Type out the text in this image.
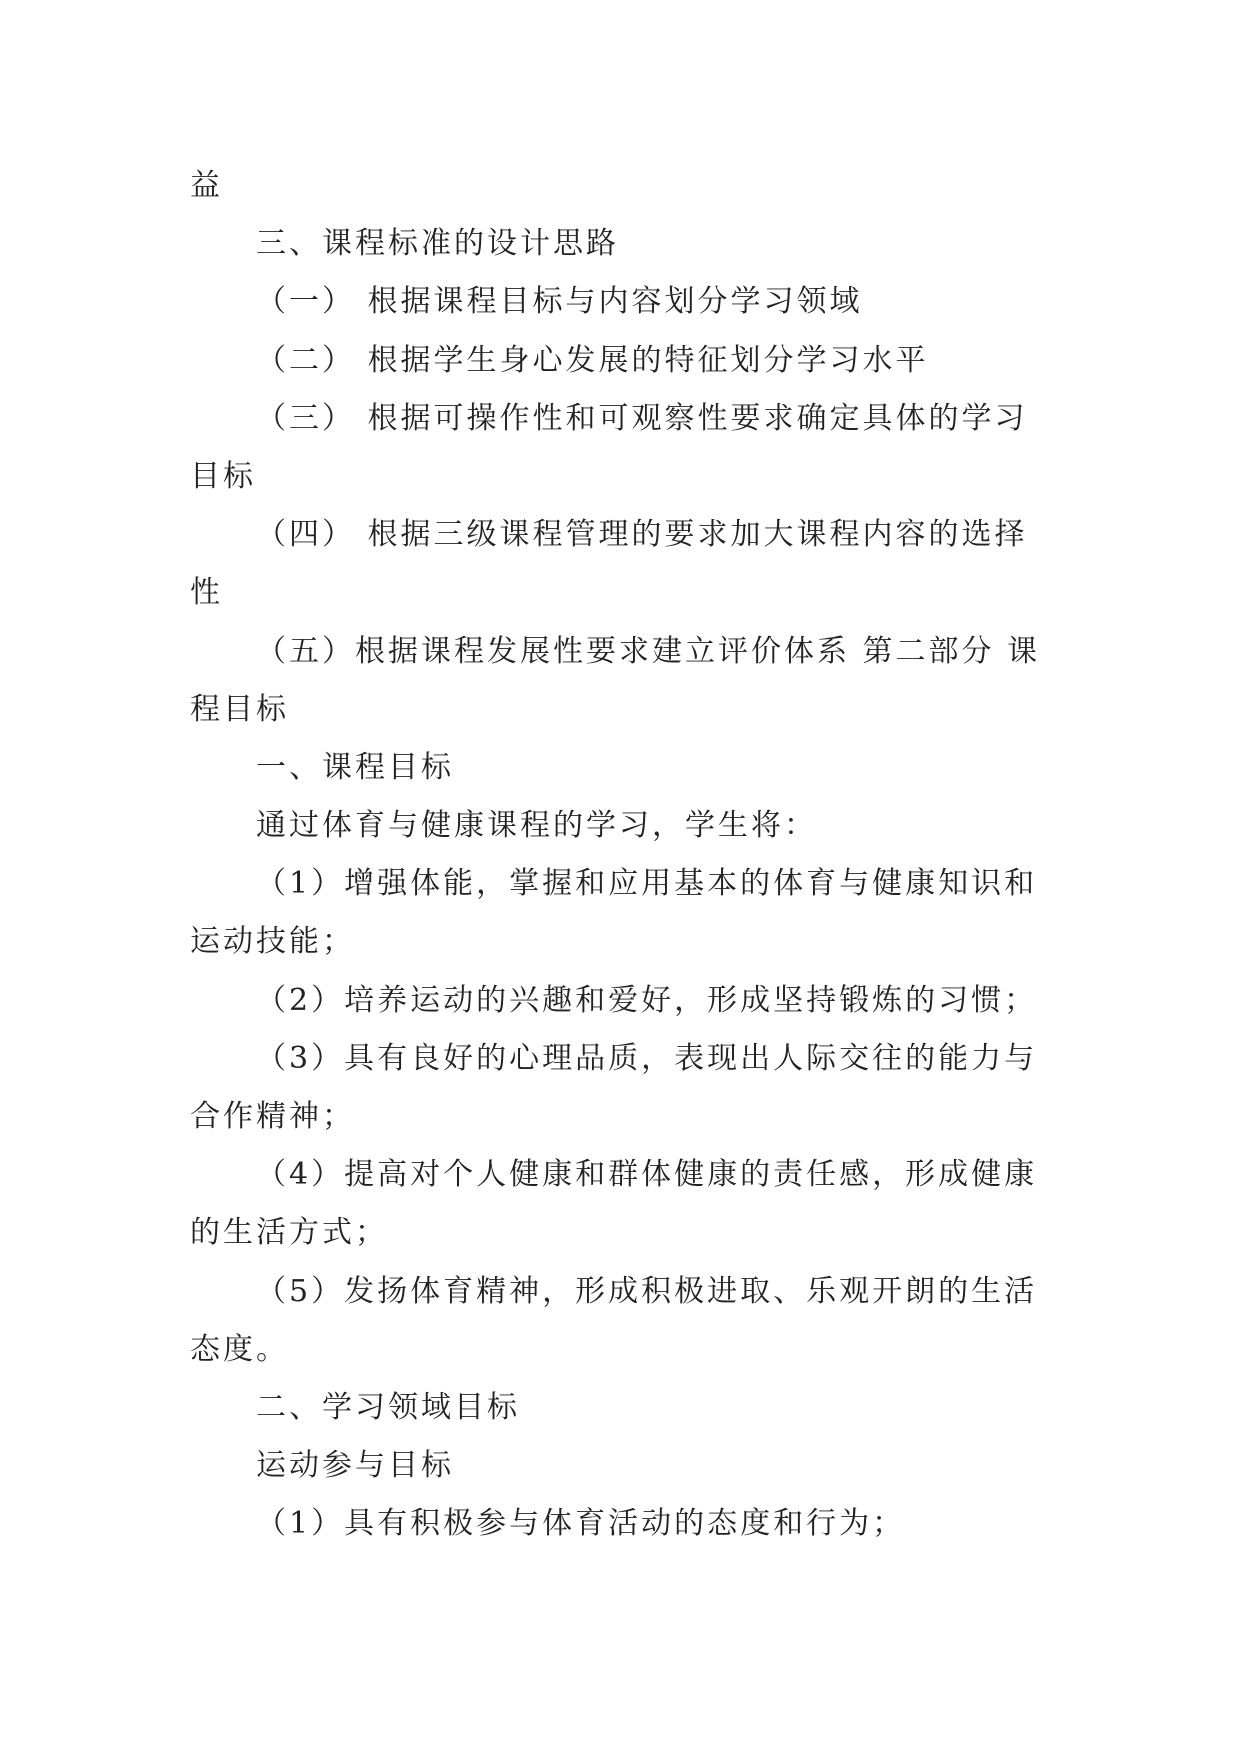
益

三、课程标准的设计思路

（一） 根据课程目标与内容划分学习领域

（二） 根据学生身心发展的特征划分学习水平

（三） 根据可操作性和可观察性要求确定具体的学习

目标

（四） 根据三级课程管理的要求加大课程内容的选择

性

（五）根据课程发展性要求建立评价体系 第二部分 课

程目标

一、课程目标

通过体育与健康课程的学习，学生将：

（1）增强体能，掌握和应用基本的体育与健康知识和

运动技能；

（2）培养运动的兴趣和爱好，形成坚持锻炼的习惯；

（3）具有良好的心理品质，表现出人际交往的能力与

合作精神；

（4）提高对个人健康和群体健康的责任感，形成健康

的生活方式；

（5）发扬体育精神，形成积极进取、乐观开朗的生活

态度。

二、学习领域目标

运动参与目标

（1）具有积极参与体育活动的态度和行为；
